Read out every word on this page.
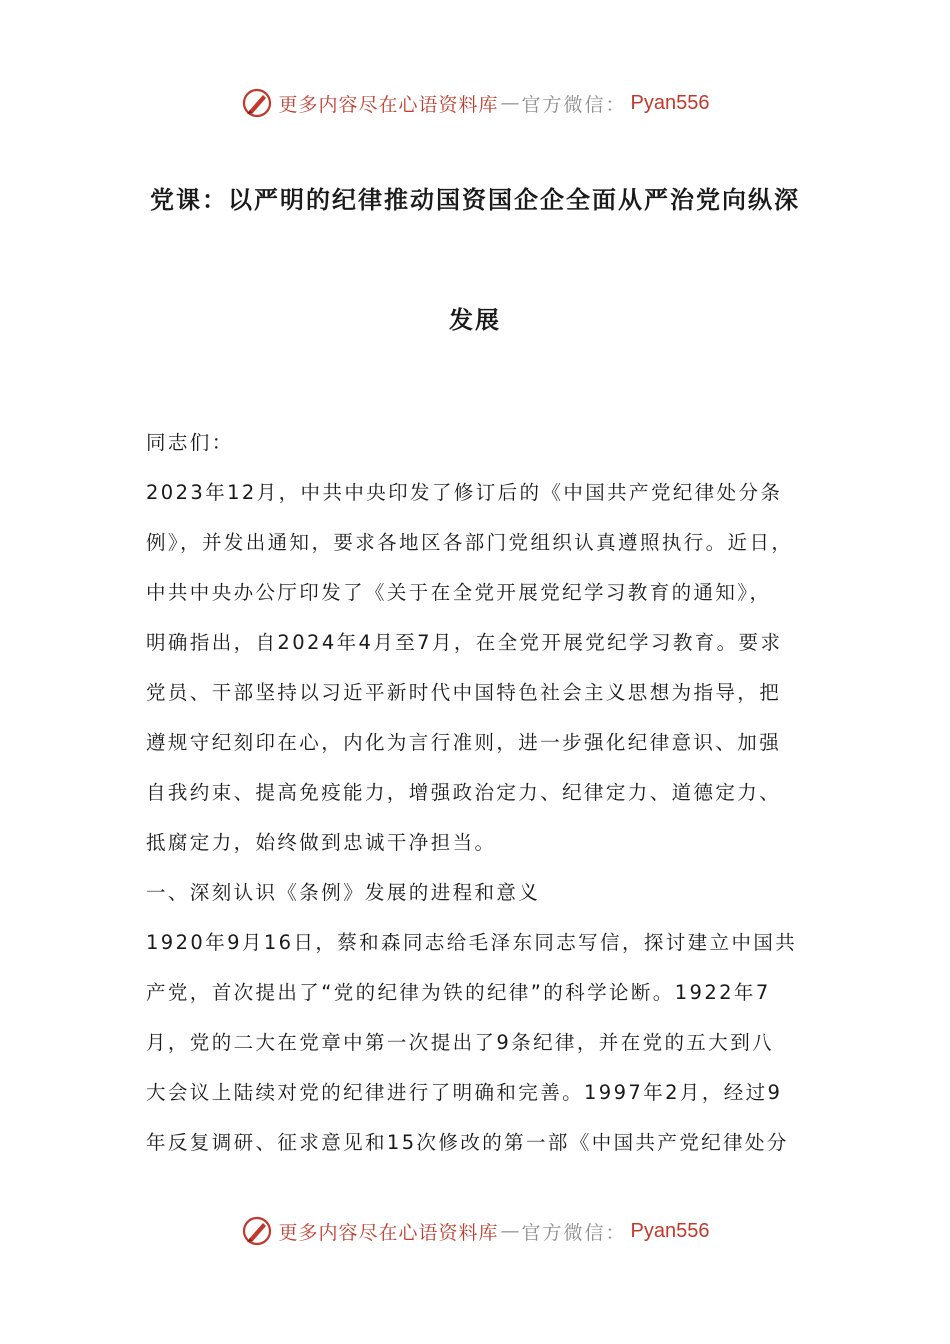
更多内容尽在心语资料库 — 官方微信： Pyan556
党课：以严明的纪律推动国资国企企全面从严治党向纵深
发展
同志们：
2023年12月，中共中央印发了修订后的《中国共产党纪律处分条
例》，并发出通知，要求各地区各部门党组织认真遵照执行。近日，
中共中央办公厅印发了《关于在全党开展党纪学习教育的通知》，
明确指出，自2024年4月至7月，在全党开展党纪学习教育。要求
党员、干部坚持以习近平新时代中国特色社会主义思想为指导，把
遵规守纪刻印在心，内化为言行准则，进一步强化纪律意识、加强
自我约束、提高免疫能力，增强政治定力、纪律定力、道德定力、
抵腐定力，始终做到忠诚干净担当。
一、深刻认识《条例》发展的进程和意义
1920年9月16日，蔡和森同志给毛泽东同志写信，探讨建立中国共
产党，首次提出了“党的纪律为铁的纪律”的科学论断。1922年7
月，党的二大在党章中第一次提出了9条纪律，并在党的五大到八
大会议上陆续对党的纪律进行了明确和完善。1997年2月，经过9
年反复调研、征求意见和15次修改的第一部《中国共产党纪律处分
更多内容尽在心语资料库 — 官方微信： Pyan556
